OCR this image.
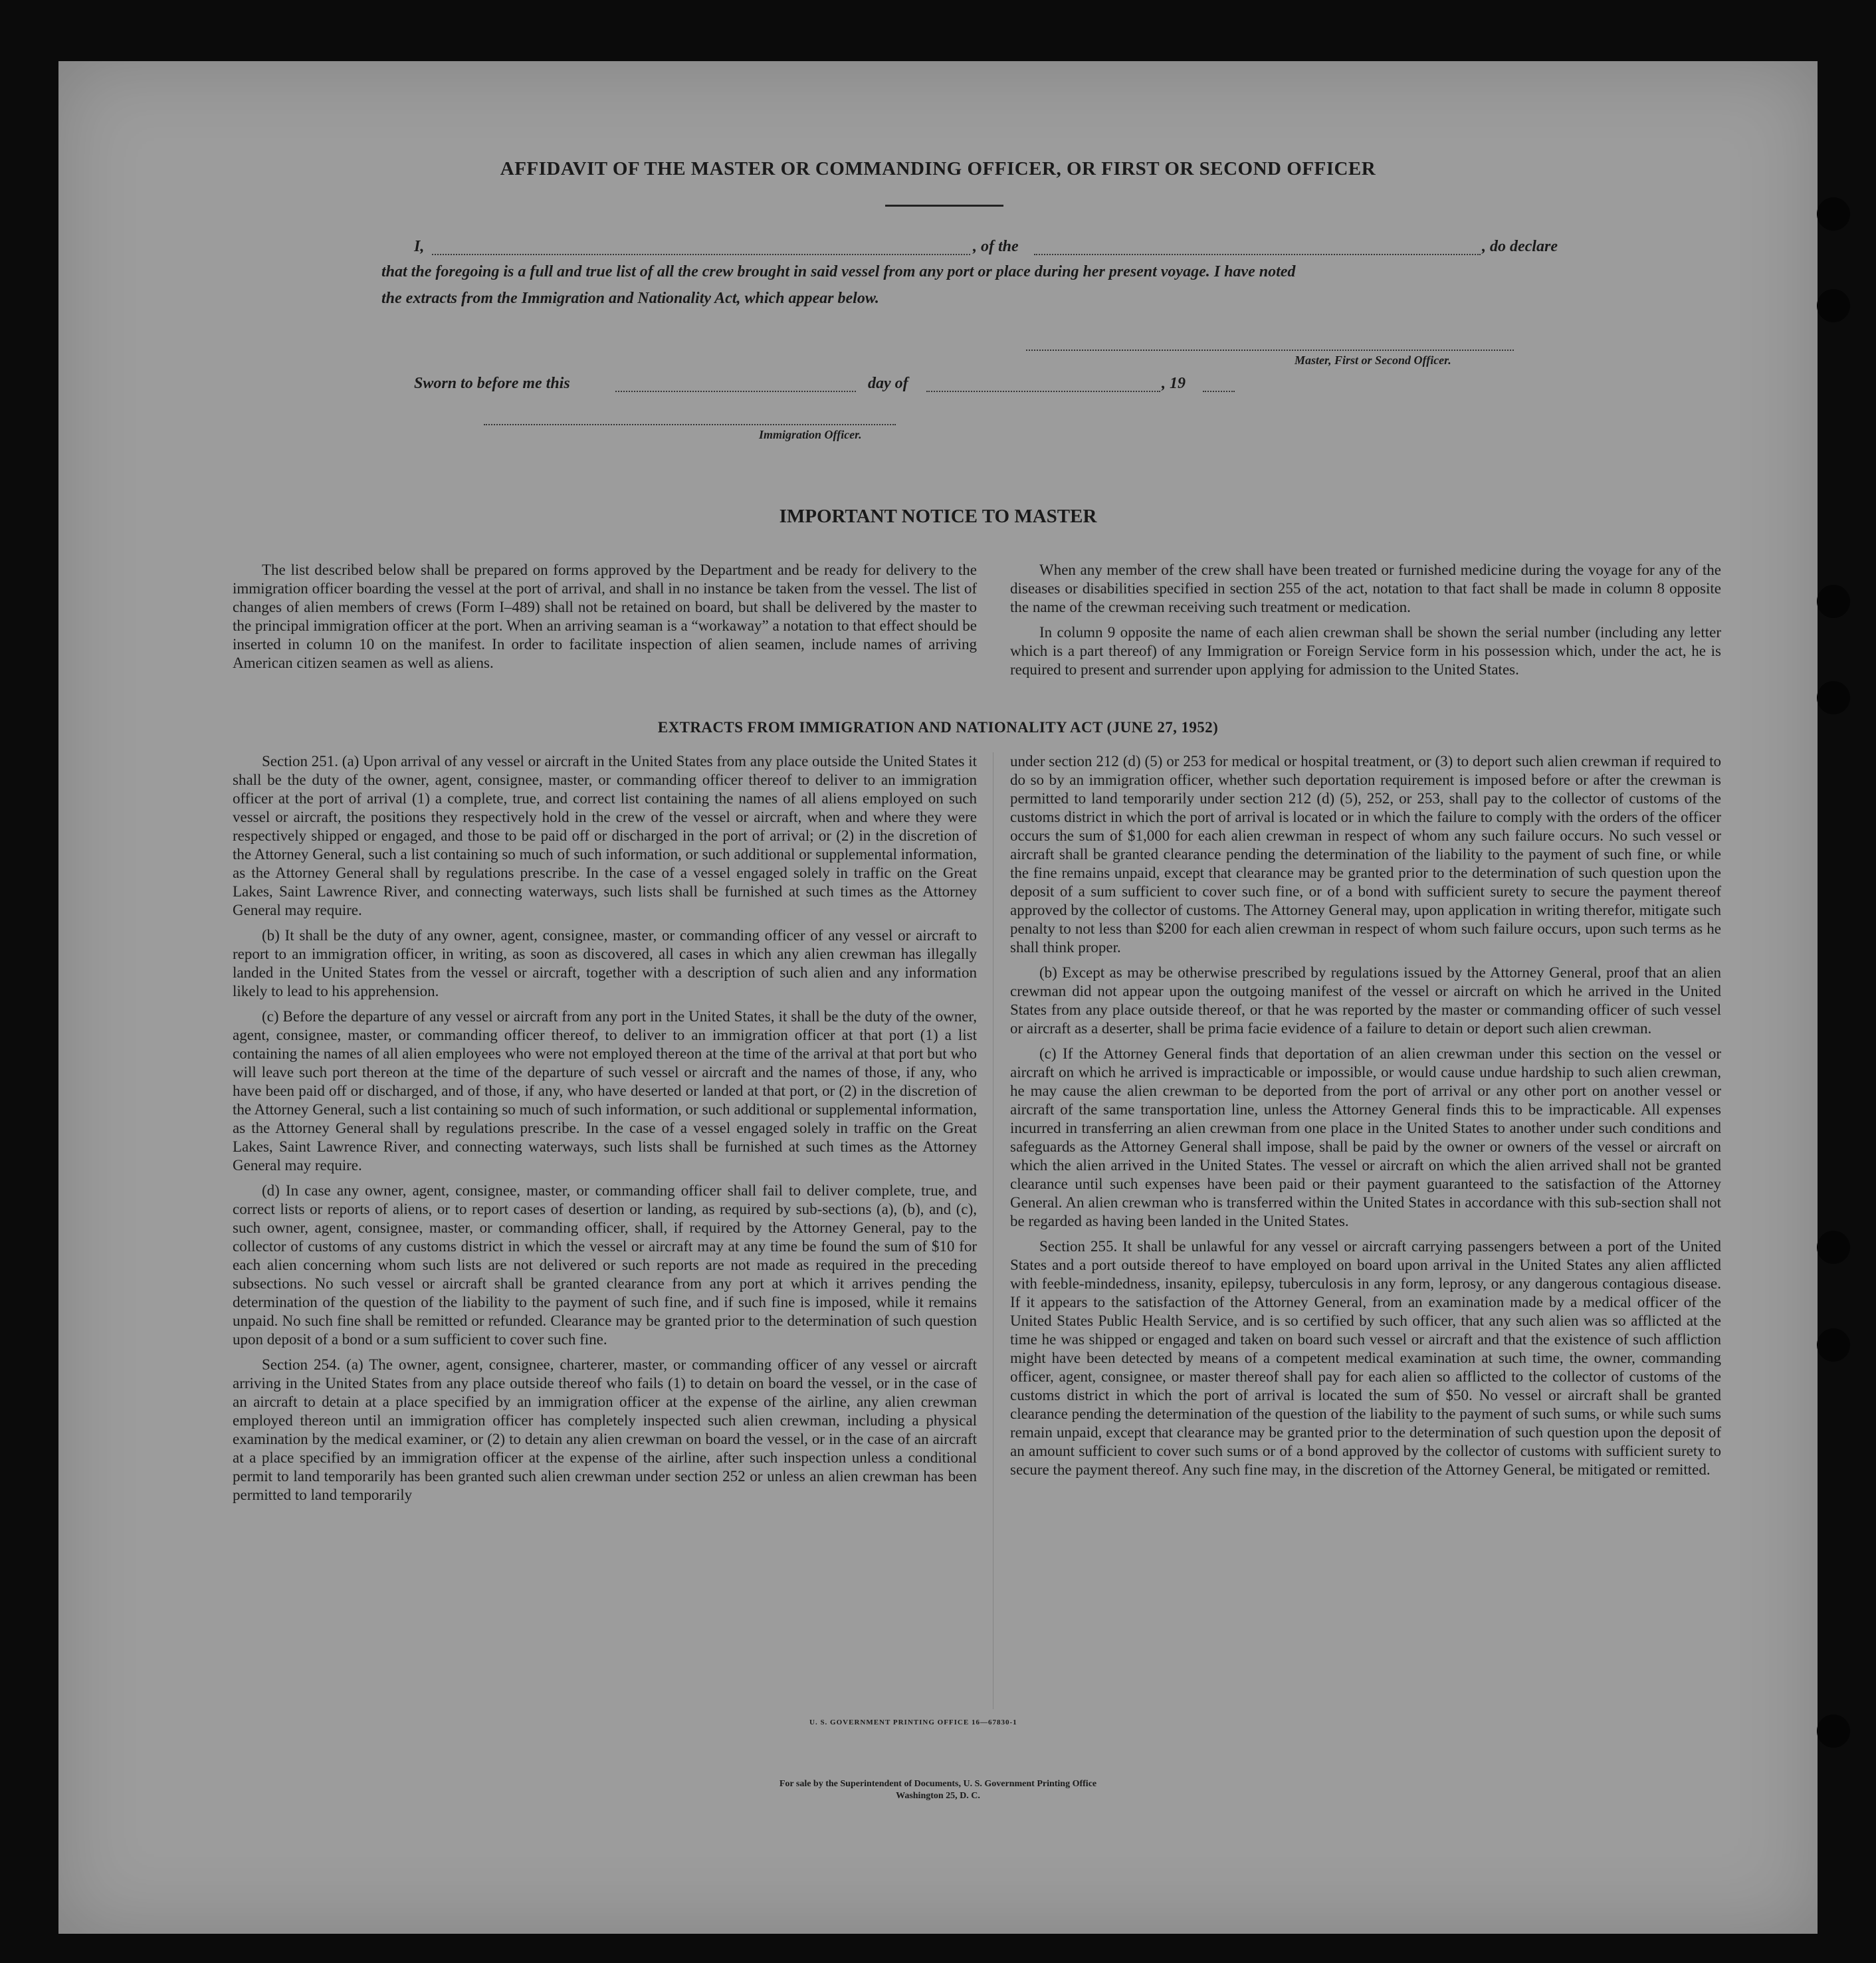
AFFIDAVIT OF THE MASTER OR COMMANDING OFFICER, OR FIRST OR SECOND OFFICER
I,	, of the	, do declare
that the foregoing is a full and true list of all the crew brought in said vessel from any port or place during her present voyage. I have noted
the extracts from the Immigration and Nationality Act, which appear below.
Master, First or Second Officer.
Sworn to before me this	day of	, 19
Immigration Officer.
IMPORTANT NOTICE TO MASTER

The list described below shall be prepared on forms approved by the Department and be ready for delivery to the immigration officer boarding the vessel at the port of arrival, and shall in no instance be taken from the vessel. The list of changes of alien members of crews (Form I–489) shall not be retained on board, but shall be delivered by the master to the principal immigration officer at the port. When an arriving seaman is a “workaway” a notation to that effect should be inserted in column 10 on the manifest. In order to facilitate inspection of alien seamen, include names of arriving American citizen seamen as well as aliens.

When any member of the crew shall have been treated or furnished medicine during the voyage for any of the diseases or disabilities specified in section 255 of the act, notation to that fact shall be made in column 8 opposite the name of the crewman receiving such treatment or medication.

In column 9 opposite the name of each alien crewman shall be shown the serial number (including any letter which is a part thereof) of any Immigration or Foreign Service form in his possession which, under the act, he is required to present and surrender upon applying for admission to the United States.

EXTRACTS FROM IMMIGRATION AND NATIONALITY ACT (JUNE 27, 1952)

Section 251. (a) Upon arrival of any vessel or aircraft in the United States from any place outside the United States it shall be the duty of the owner, agent, consignee, master, or commanding officer thereof to deliver to an immigration officer at the port of arrival (1) a complete, true, and correct list containing the names of all aliens employed on such vessel or aircraft, the positions they respectively hold in the crew of the vessel or aircraft, when and where they were respectively shipped or engaged, and those to be paid off or discharged in the port of arrival; or (2) in the discretion of the Attorney General, such a list containing so much of such information, or such additional or supplemental information, as the Attorney General shall by regulations prescribe. In the case of a vessel engaged solely in traffic on the Great Lakes, Saint Lawrence River, and connecting waterways, such lists shall be furnished at such times as the Attorney General may require.

(b) It shall be the duty of any owner, agent, consignee, master, or commanding officer of any vessel or aircraft to report to an immigration officer, in writing, as soon as discovered, all cases in which any alien crewman has illegally landed in the United States from the vessel or aircraft, together with a description of such alien and any information likely to lead to his apprehension.

(c) Before the departure of any vessel or aircraft from any port in the United States, it shall be the duty of the owner, agent, consignee, master, or commanding officer thereof, to deliver to an immigration officer at that port (1) a list containing the names of all alien employees who were not employed thereon at the time of the arrival at that port but who will leave such port thereon at the time of the departure of such vessel or aircraft and the names of those, if any, who have been paid off or discharged, and of those, if any, who have deserted or landed at that port, or (2) in the discretion of the Attorney General, such a list containing so much of such information, or such additional or supplemental information, as the Attorney General shall by regulations prescribe. In the case of a vessel engaged solely in traffic on the Great Lakes, Saint Lawrence River, and connecting waterways, such lists shall be furnished at such times as the Attorney General may require.

(d) In case any owner, agent, consignee, master, or commanding officer shall fail to deliver complete, true, and correct lists or reports of aliens, or to report cases of desertion or landing, as required by sub-sections (a), (b), and (c), such owner, agent, consignee, master, or commanding officer, shall, if required by the Attorney General, pay to the collector of customs of any customs district in which the vessel or aircraft may at any time be found the sum of $10 for each alien concerning whom such lists are not delivered or such reports are not made as required in the preceding subsections. No such vessel or aircraft shall be granted clearance from any port at which it arrives pending the determination of the question of the liability to the payment of such fine, and if such fine is imposed, while it remains unpaid. No such fine shall be remitted or refunded. Clearance may be granted prior to the determination of such question upon deposit of a bond or a sum sufficient to cover such fine.

Section 254. (a) The owner, agent, consignee, charterer, master, or commanding officer of any vessel or aircraft arriving in the United States from any place outside thereof who fails (1) to detain on board the vessel, or in the case of an aircraft to detain at a place specified by an immigration officer at the expense of the airline, any alien crewman employed thereon until an immigration officer has completely inspected such alien crewman, including a physical examination by the medical examiner, or (2) to detain any alien crewman on board the vessel, or in the case of an aircraft at a place specified by an immigration officer at the expense of the airline, after such inspection unless a conditional permit to land temporarily has been granted such alien crewman under section 252 or unless an alien crewman has been permitted to land temporarily

under section 212 (d) (5) or 253 for medical or hospital treatment, or (3) to deport such alien crewman if required to do so by an immigration officer, whether such deportation requirement is imposed before or after the crewman is permitted to land temporarily under section 212 (d) (5), 252, or 253, shall pay to the collector of customs of the customs district in which the port of arrival is located or in which the failure to comply with the orders of the officer occurs the sum of $1,000 for each alien crewman in respect of whom any such failure occurs. No such vessel or aircraft shall be granted clearance pending the determination of the liability to the payment of such fine, or while the fine remains unpaid, except that clearance may be granted prior to the determination of such question upon the deposit of a sum sufficient to cover such fine, or of a bond with sufficient surety to secure the payment thereof approved by the collector of customs. The Attorney General may, upon application in writing therefor, mitigate such penalty to not less than $200 for each alien crewman in respect of whom such failure occurs, upon such terms as he shall think proper.

(b) Except as may be otherwise prescribed by regulations issued by the Attorney General, proof that an alien crewman did not appear upon the outgoing manifest of the vessel or aircraft on which he arrived in the United States from any place outside thereof, or that he was reported by the master or commanding officer of such vessel or aircraft as a deserter, shall be prima facie evidence of a failure to detain or deport such alien crewman.

(c) If the Attorney General finds that deportation of an alien crewman under this section on the vessel or aircraft on which he arrived is impracticable or impossible, or would cause undue hardship to such alien crewman, he may cause the alien crewman to be deported from the port of arrival or any other port on another vessel or aircraft of the same transportation line, unless the Attorney General finds this to be impracticable. All expenses incurred in transferring an alien crewman from one place in the United States to another under such conditions and safeguards as the Attorney General shall impose, shall be paid by the owner or owners of the vessel or aircraft on which the alien arrived in the United States. The vessel or aircraft on which the alien arrived shall not be granted clearance until such expenses have been paid or their payment guaranteed to the satisfaction of the Attorney General. An alien crewman who is transferred within the United States in accordance with this sub-section shall not be regarded as having been landed in the United States.

Section 255. It shall be unlawful for any vessel or aircraft carrying passengers between a port of the United States and a port outside thereof to have employed on board upon arrival in the United States any alien afflicted with feeble-mindedness, insanity, epilepsy, tuberculosis in any form, leprosy, or any dangerous contagious disease. If it appears to the satisfaction of the Attorney General, from an examination made by a medical officer of the United States Public Health Service, and is so certified by such officer, that any such alien was so afflicted at the time he was shipped or engaged and taken on board such vessel or aircraft and that the existence of such affliction might have been detected by means of a competent medical examination at such time, the owner, commanding officer, agent, consignee, or master thereof shall pay for each alien so afflicted to the collector of customs of the customs district in which the port of arrival is located the sum of $50. No vessel or aircraft shall be granted clearance pending the determination of the question of the liability to the payment of such sums, or while such sums remain unpaid, except that clearance may be granted prior to the determination of such question upon the deposit of an amount sufficient to cover such sums or of a bond approved by the collector of customs with sufficient surety to secure the payment thereof. Any such fine may, in the discretion of the Attorney General, be mitigated or remitted.

U. S. GOVERNMENT PRINTING OFFICE 16—67830-1
For sale by the Superintendent of Documents, U. S. Government Printing Office
Washington 25, D. C.
